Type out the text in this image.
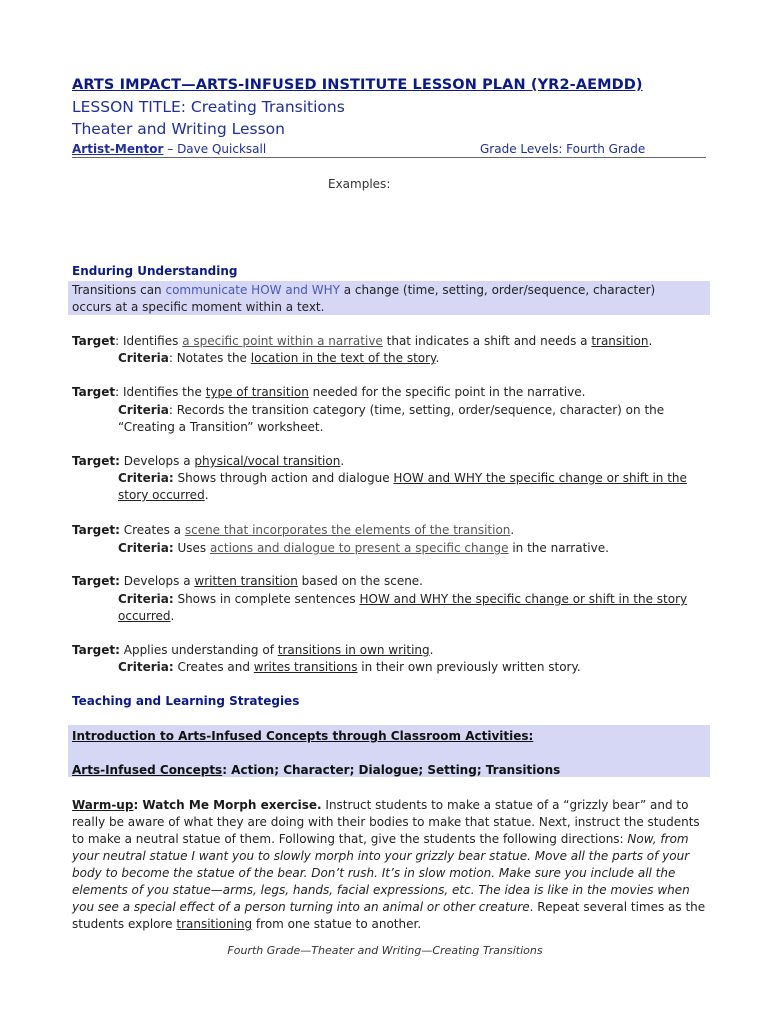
ARTS IMPACT—ARTS-INFUSED INSTITUTE LESSON PLAN (YR2-AEMDD)
LESSON TITLE: Creating Transitions
Theater and Writing Lesson
Artist-Mentor – Dave Quicksall	Grade Levels: Fourth Grade
Examples:
Enduring Understanding
Transitions can communicate HOW and WHY a change (time, setting, order/sequence, character)
occurs at a specific moment within a text.
Target: Identifies a specific point within a narrative that indicates a shift and needs a transition.
Criteria: Notates the location in the text of the story.
Target: Identifies the type of transition needed for the specific point in the narrative.
Criteria: Records the transition category (time, setting, order/sequence, character) on the
“Creating a Transition” worksheet.
Target: Develops a physical/vocal transition.
Criteria: Shows through action and dialogue HOW and WHY the specific change or shift in the
story occurred.
Target: Creates a scene that incorporates the elements of the transition.
Criteria: Uses actions and dialogue to present a specific change in the narrative.
Target: Develops a written transition based on the scene.
Criteria: Shows in complete sentences HOW and WHY the specific change or shift in the story
occurred.
Target: Applies understanding of transitions in own writing.
Criteria: Creates and writes transitions in their own previously written story.
Teaching and Learning Strategies
Introduction to Arts-Infused Concepts through Classroom Activities:
Arts-Infused Concepts: Action; Character; Dialogue; Setting; Transitions
Warm-up: Watch Me Morph exercise. Instruct students to make a statue of a “grizzly bear” and to really be aware of what they are doing with their bodies to make that statue. Next, instruct the students to make a neutral statue of them. Following that, give the students the following directions: Now, from your neutral statue I want you to slowly morph into your grizzly bear statue. Move all the parts of your body to become the statue of the bear. Don’t rush. It’s in slow motion. Make sure you include all the elements of you statue—arms, legs, hands, facial expressions, etc. The idea is like in the movies when you see a special effect of a person turning into an animal or other creature. Repeat several times as the students explore transitioning from one statue to another.
Fourth Grade—Theater and Writing—Creating Transitions
